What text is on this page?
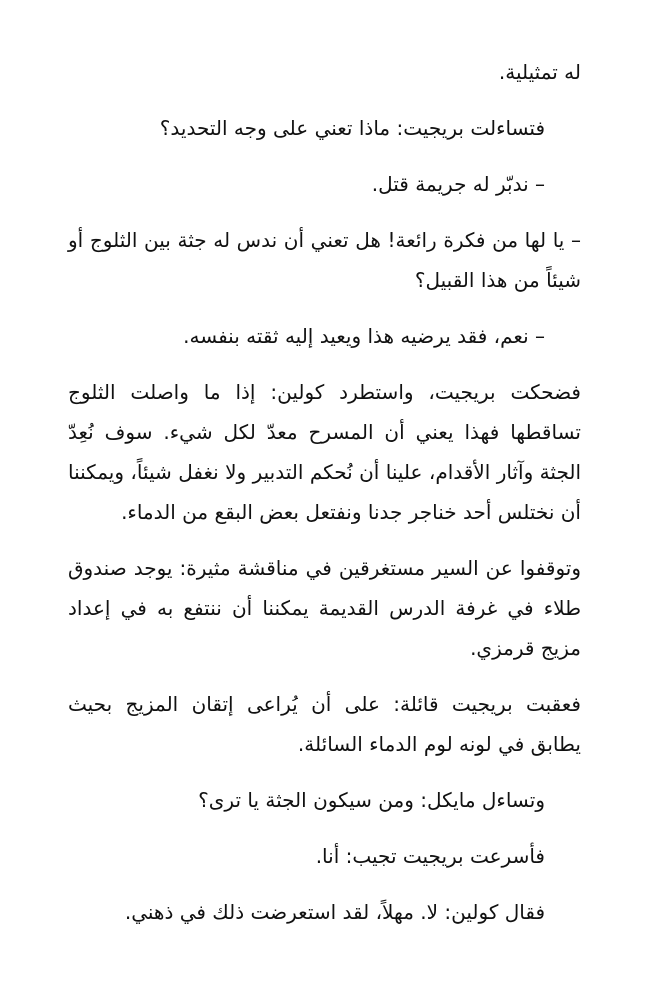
له تمثيلية.

فتساءلت بريجيت: ماذا تعني على وجه التحديد؟

– ندبّر له جريمة قتل.

– يا لها من فكرة رائعة! هل تعني أن ندس له جثة بين الثلوج أو شيئاً من هذا القبيل؟

– نعم، فقد يرضيه هذا ويعيد إليه ثقته بنفسه.

فضحكت بريجيت، واستطرد كولين: إذا ما واصلت الثلوج تساقطها فهذا يعني أن المسرح معدّ لكل شيء. سوف نُعِدّ الجثة وآثار الأقدام، علينا أن نُحكم التدبير ولا نغفل شيئاً، ويمكننا أن نختلس أحد خناجر جدنا ونفتعل بعض البقع من الدماء.

وتوقفوا عن السير مستغرقين في مناقشة مثيرة: يوجد صندوق طلاء في غرفة الدرس القديمة يمكننا أن ننتفع به في إعداد مزيج قرمزي.

فعقبت بريجيت قائلة: على أن يُراعى إتقان المزيج بحيث يطابق في لونه لوم الدماء السائلة.

وتساءل مايكل: ومن سيكون الجثة يا ترى؟

فأسرعت بريجيت تجيب: أنا.

فقال كولين: لا. مهلاً، لقد استعرضت ذلك في ذهني.
